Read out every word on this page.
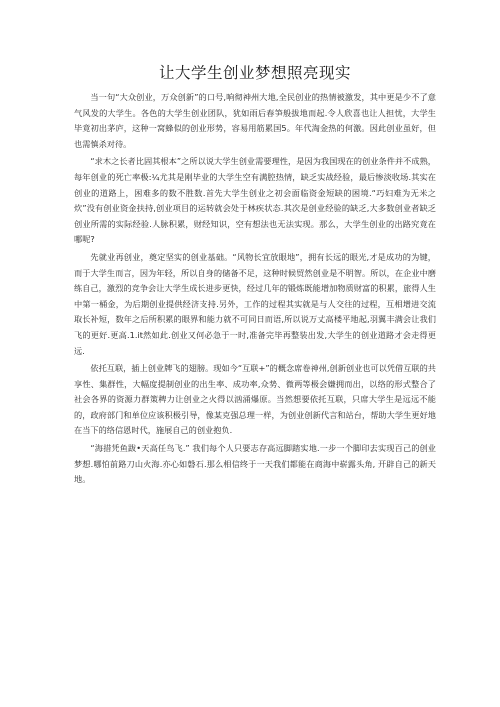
让大学生创业梦想照亮现实

当一句“大众创业，万众创新”的口号,响彻神州大地,全民创业的热情被激发，其中更是少不了意气风发的大学生。各色的大学生创业团队，犹如雨后春笋般拔地而起.令人欣喜也让人担忧，大学生毕竟初出茅庐，这种一窝蜂似的创业形势，容易用筋累国5。年代淘金热的何激。因此创业虽好，但也需慎杀对待。

“求木之长者比固其根本”之所以说大学生创业需要理性，是因为我国现在的创业条件并不成熟，每年创业的死亡率极:¼尤其是刚毕业的大学生空有满腔热情，缺乏实战经验，最后惨淡收场.其实在创业的道路上，困难多的数不胜数.首先大学生创业之初会面临资金短缺的困境.“巧妇难为无米之炊”没有创业资金扶持,创业项目的运转就会处于林疾状态.其次是创业经验的缺乏,大多数创业者缺乏创业所需的实际经验.人脉积累，财经知识，空有想法也无法实现。那么，大学生创业的出路究竟在哪呢?

先就业再创业，奠定坚实的创业基础。“风物长宜放眼地”，拥有长远的眼光,才是成功的为键，而于大学生而言，因为年轻，所以自身的储备不足，这种时候贸然创业是不明智。所以，在企业中磨练自己，激烈的竞争会让大学生成长进步更快，经过几年的锻炼既能增加物质财富的积累，旅得人生中第一桶金，为后期创业提供经济支持.另外，工作的过程其实就是与人交往的过程，互相增进交流取长补短，数年之后所积累的眼界和能力就不可同日而语,所以说万丈高楼平地起,羽翼丰满会让我们飞的更好.更高.1.it然如此.创业又何必急于一时,准备完毕再整装出发,大学生的创业道路才会走得更远.

依托互联，插上创业牌飞的翅膀。现如今“互联+”的概念席卷神州,创新创业也可以凭借互联的共享性、集群性，大幅度提制创业的出生率、成功率,众势、微两等极会嫌拥而出，以络的形式整合了社会各界的资源力群策稗力让创业之火得以汹涌爆原。当然想要依托互联，只席大学生是远远不能的，政府部门和单位应该积极引导，像某克强总理一样，为创业创新代言和站台，帮助大学生更好地在当下的络信恩时代，施展自己的创业抱负.

“海措凭鱼跋•天高任鸟飞.” 我们每个人只要志存高远脚踏实地.一步一个脚印去实现百己的创业梦想.哪怕前路刀山火海.亦心如磐石.那么相信终于一天我们都能在商海中崭露头角, 开辟自己的新天地。
